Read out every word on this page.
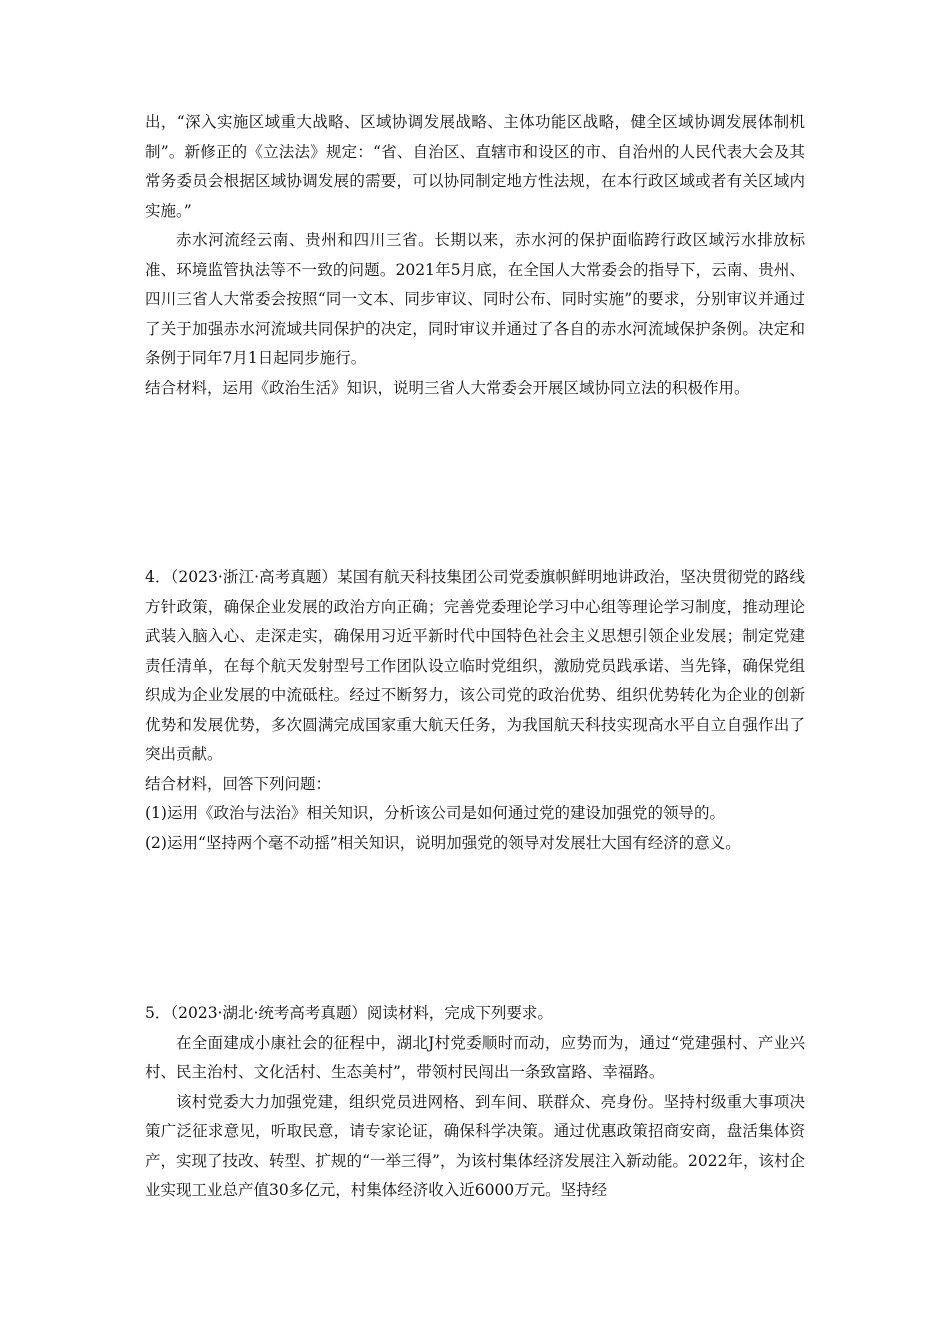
出，“深入实施区域重大战略、区域协调发展战略、主体功能区战略，健全区域协调发展体制机制”。新修正的《立法法》规定：“省、自治区、直辖市和设区的市、自治州的人民代表大会及其常务委员会根据区域协调发展的需要，可以协同制定地方性法规，在本行政区域或者有关区域内实施。”

赤水河流经云南、贵州和四川三省。长期以来，赤水河的保护面临跨行政区域污水排放标准、环境监管执法等不一致的问题。2021年5月底，在全国人大常委会的指导下，云南、贵州、四川三省人大常委会按照“同一文本、同步审议、同时公布、同时实施”的要求，分别审议并通过了关于加强赤水河流域共同保护的决定，同时审议并通过了各自的赤水河流域保护条例。决定和条例于同年7月1日起同步施行。

结合材料，运用《政治生活》知识，说明三省人大常委会开展区域协同立法的积极作用。

4．（2023·浙江·高考真题）某国有航天科技集团公司党委旗帜鲜明地讲政治，坚决贯彻党的路线方针政策，确保企业发展的政治方向正确；完善党委理论学习中心组等理论学习制度，推动理论武装入脑入心、走深走实，确保用习近平新时代中国特色社会主义思想引领企业发展；制定党建责任清单，在每个航天发射型号工作团队设立临时党组织，激励党员践承诺、当先锋，确保党组织成为企业发展的中流砥柱。经过不断努力，该公司党的政治优势、组织优势转化为企业的创新优势和发展优势，多次圆满完成国家重大航天任务，为我国航天科技实现高水平自立自强作出了突出贡献。

结合材料，回答下列问题：

(1)运用《政治与法治》相关知识，分析该公司是如何通过党的建设加强党的领导的。

(2)运用“坚持两个毫不动摇”相关知识，说明加强党的领导对发展壮大国有经济的意义。

5．（2023·湖北·统考高考真题）阅读材料，完成下列要求。

在全面建成小康社会的征程中，湖北J村党委顺时而动，应势而为，通过“党建强村、产业兴村、民主治村、文化活村、生态美村”，带领村民闯出一条致富路、幸福路。

该村党委大力加强党建，组织党员进网格、到车间、联群众、亮身份。坚持村级重大事项决策广泛征求意见，听取民意，请专家论证，确保科学决策。通过优惠政策招商安商，盘活集体资产，实现了技改、转型、扩规的“一举三得”，为该村集体经济发展注入新动能。2022年，该村企业实现工业总产值30多亿元，村集体经济收入近6000万元。坚持经
